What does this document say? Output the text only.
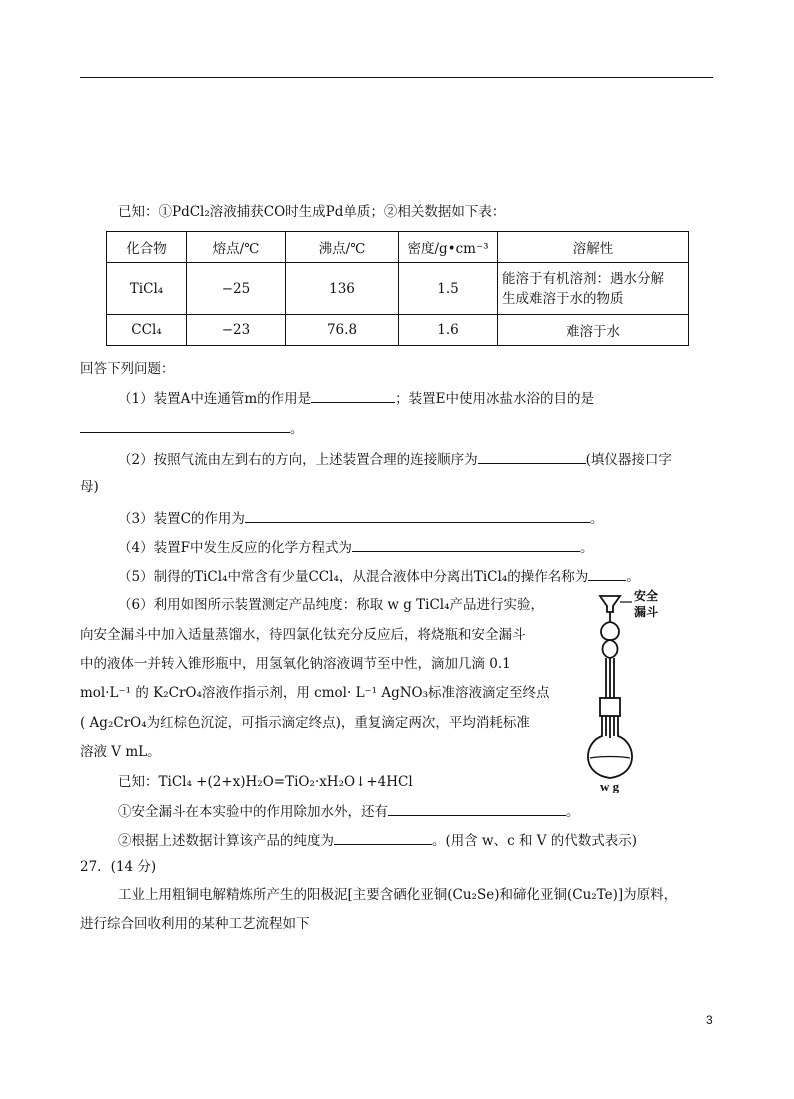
已知：①PdCl₂溶液捕获CO时生成Pd单质；②相关数据如下表：
化合物	熔点/℃	沸点/℃	密度/g•cm⁻³	溶解性
TiCl₄	−25	136	1.5	能溶于有机溶剂：遇水分解
生成难溶于水的物质

CCl₄	−23	76.8	1.6	难溶于水
回答下列问题：
（1）装置A中连通管m的作用是	；装置E中使用冰盐水浴的目的是
。
（2）按照气流由左到右的方向，上述装置合理的连接顺序为	(填仪器接口字
母)
（3）装置C的作用为	。
（4）装置F中发生反应的化学方程式为	。
（5）制得的TiCl₄中常含有少量CCl₄，从混合液体中分离出TiCl₄的操作名称为	。
（6）利用如图所示装置测定产品纯度：称取 w g TiCl₄产品进行实验，
向安全漏斗中加入适量蒸馏水，待四氯化钛充分反应后，将烧瓶和安全漏斗
中的液体一并转入锥形瓶中，用氢氧化钠溶液调节至中性，滴加几滴 0.1
mol·L⁻¹ 的 K₂CrO₄溶液作指示剂，用 cmol· L⁻¹ AgNO₃标准溶液滴定至终点
( Ag₂CrO₄为红棕色沉淀，可指示滴定终点)，重复滴定两次，平均消耗标准
溶液 V mL。
已知：TiCl₄ +(2+x)H₂O=TiO₂·xH₂O↓+4HCl
①安全漏斗在本实验中的作用除加水外，还有	。
②根据上述数据计算该产品的纯度为	。(用含 w、c 和 V 的代数式表示)
27．(14 分)
工业上用粗铜电解精炼所产生的阳极泥[主要含硒化亚铜(Cu₂Se)和碲化亚铜(Cu₂Te)]为原料，
进行综合回收利用的某种工艺流程如下
安全
漏斗
w g
3
